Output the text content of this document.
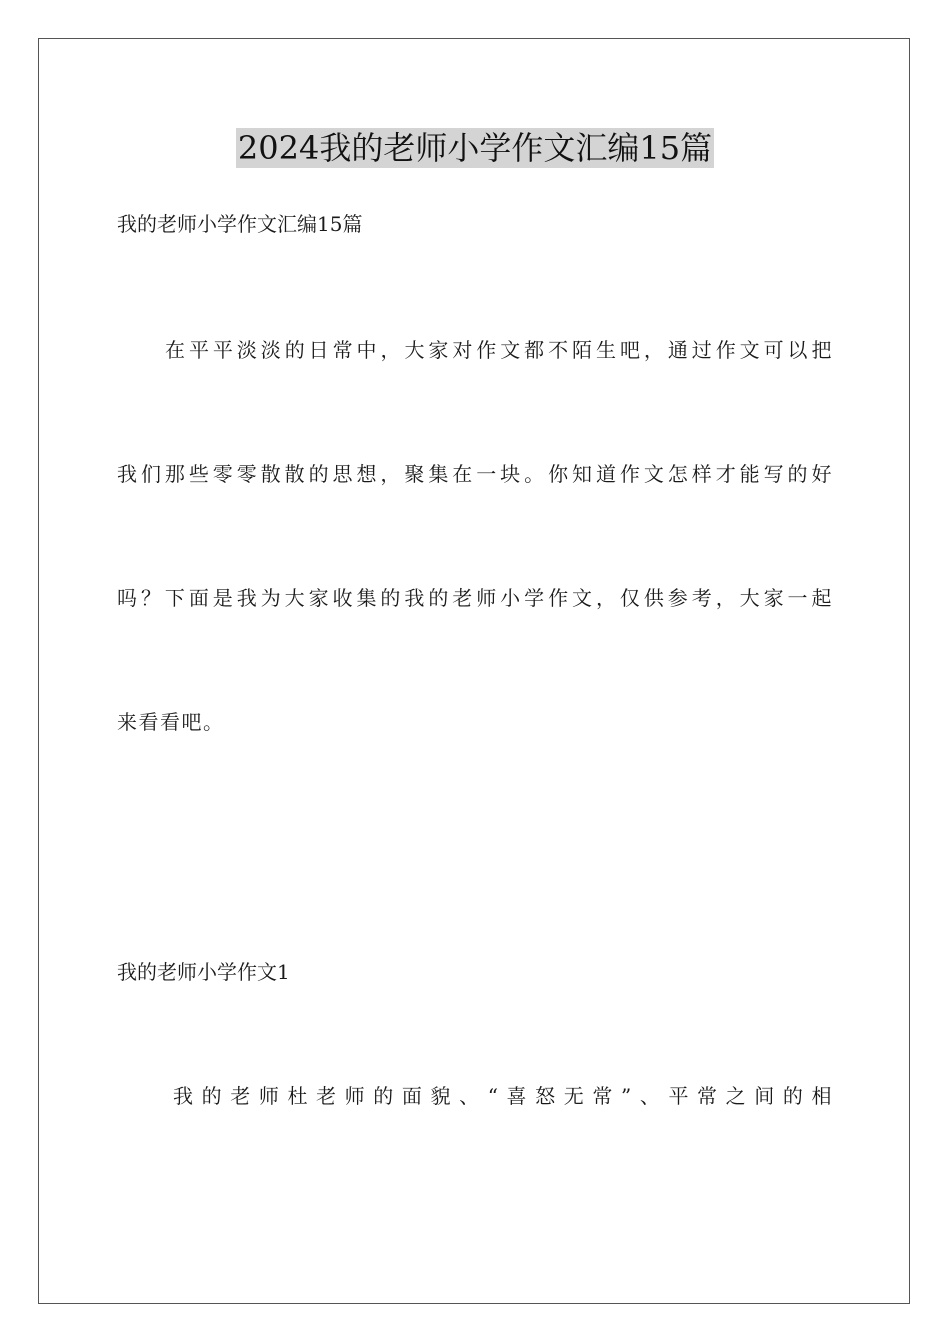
2024我的老师小学作文汇编15篇
我的老师小学作文汇编15篇
在平平淡淡的日常中，大家对作文都不陌生吧，通过作文可以把
我们那些零零散散的思想，聚集在一块。你知道作文怎样才能写的好
吗？下面是我为大家收集的我的老师小学作文，仅供参考，大家一起
来看看吧。
我的老师小学作文1
我的老师杜老师的面貌、“喜怒无常”、平常之间的相
